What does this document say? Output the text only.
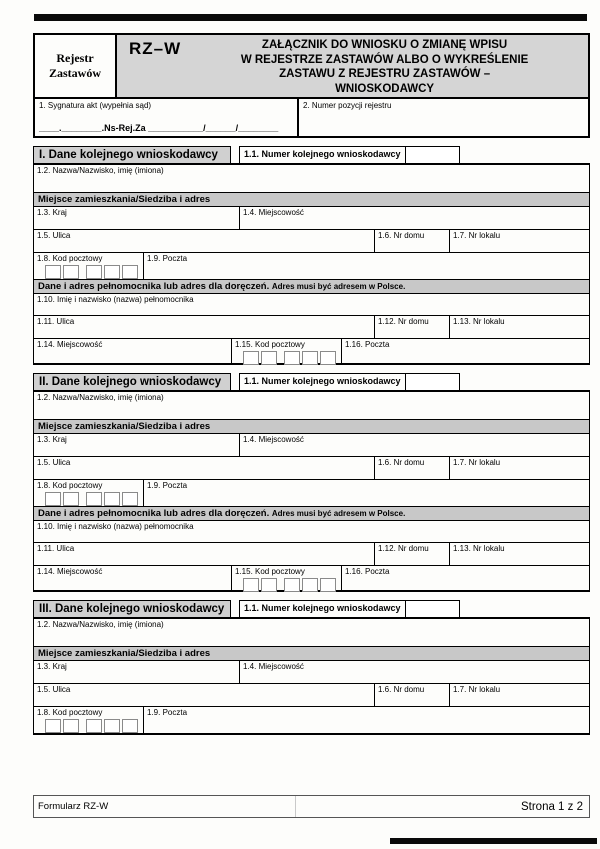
Rejestr
Zastawów
RZ–W	ZAŁĄCZNIK DO WNIOSKU O ZMIANĘ WPISU
W REJESTRZE ZASTAWÓW ALBO O WYKREŚLENIE
ZASTAWU Z REJESTRU ZASTAWÓW –
WNIOSKODAWCY
1. Sygnatura akt (wypełnia sąd)
____.________.Ns-Rej.Za ___________/______/________
2. Numer pozycji rejestru
I. Dane kolejnego wnioskodawcy	1.1. Numer kolejnego wnioskodawcy
1.2. Nazwa/Nazwisko, imię (imiona)
Miejsce zamieszkania/Siedziba i adres
1.3. Kraj	1.4. Miejscowość
1.5. Ulica	1.6. Nr domu	1.7. Nr lokalu
1.8. Kod pocztowy	1.9. Poczta
Dane i adres pełnomocnika lub adres dla doręczeń. Adres musi być adresem w Polsce.
1.10. Imię i nazwisko (nazwa) pełnomocnika
1.11. Ulica	1.12. Nr domu	1.13. Nr lokalu
1.14. Miejscowość	1.15. Kod pocztowy	1.16. Poczta
II. Dane kolejnego wnioskodawcy	1.1. Numer kolejnego wnioskodawcy
1.2. Nazwa/Nazwisko, imię (imiona)
Miejsce zamieszkania/Siedziba i adres
1.3. Kraj	1.4. Miejscowość
1.5. Ulica	1.6. Nr domu	1.7. Nr lokalu
1.8. Kod pocztowy	1.9. Poczta
Dane i adres pełnomocnika lub adres dla doręczeń. Adres musi być adresem w Polsce.
1.10. Imię i nazwisko (nazwa) pełnomocnika
1.11. Ulica	1.12. Nr domu	1.13. Nr lokalu
1.14. Miejscowość	1.15. Kod pocztowy	1.16. Poczta
III. Dane kolejnego wnioskodawcy	1.1. Numer kolejnego wnioskodawcy
1.2. Nazwa/Nazwisko, imię (imiona)
Miejsce zamieszkania/Siedziba i adres
1.3. Kraj	1.4. Miejscowość
1.5. Ulica	1.6. Nr domu	1.7. Nr lokalu
1.8. Kod pocztowy	1.9. Poczta
Formularz RZ-W	Strona 1 z 2
